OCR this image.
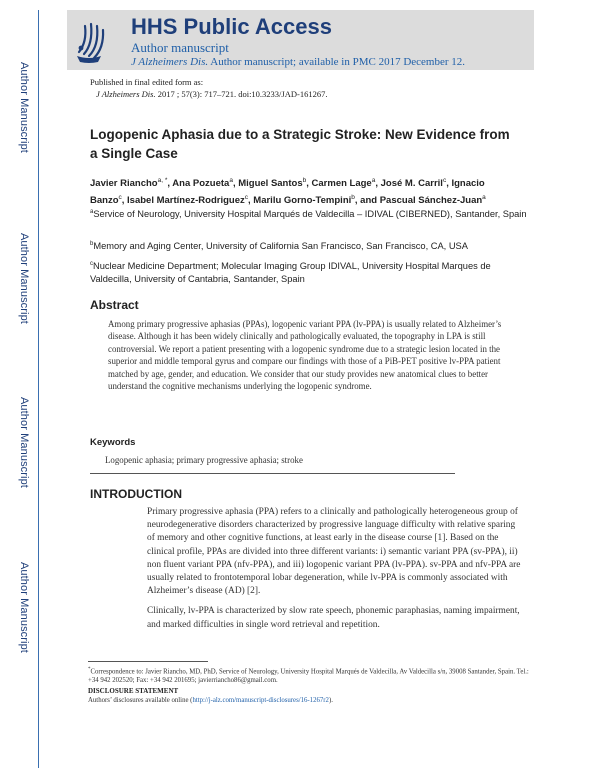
Author Manuscript
Author Manuscript
Author Manuscript
Author Manuscript
HHS Public Access
Author manuscript
J Alzheimers Dis. Author manuscript; available in PMC 2017 December 12.
Published in final edited form as:
J Alzheimers Dis. 2017 ; 57(3): 717–721. doi:10.3233/JAD-161267.
Logopenic Aphasia due to a Strategic Stroke: New Evidence from a Single Case
Javier Riancho$^{a, *}$, Ana Pozueta$^a$, Miguel Santos$^b$, Carmen Lage$^a$, José M. Carril$^c$, Ignacio Banzo$^c$, Isabel Martínez-Rodriguez$^c$, Marilu Gorno-Tempini$^b$, and Pascual Sánchez-Juan$^a$
$^a$Service of Neurology, University Hospital Marqués de Valdecilla – IDIVAL (CIBERNED), Santander, Spain
$^b$Memory and Aging Center, University of California San Francisco, San Francisco, CA, USA
$^c$Nuclear Medicine Department; Molecular Imaging Group IDIVAL, University Hospital Marques de Valdecilla, University of Cantabria, Santander, Spain
Abstract
Among primary progressive aphasias (PPAs), logopenic variant PPA (lv-PPA) is usually related to Alzheimer’s disease. Although it has been widely clinically and pathologically evaluated, the topography in LPA is still controversial. We report a patient presenting with a logopenic syndrome due to a strategic lesion located in the superior and middle temporal gyrus and compare our findings with those of a PiB-PET positive lv-PPA patient matched by age, gender, and education. We consider that our study provides new anatomical clues to better understand the cognitive mechanisms underlying the logopenic syndrome.
Keywords
Logopenic aphasia; primary progressive aphasia; stroke
INTRODUCTION

Primary progressive aphasia (PPA) refers to a clinically and pathologically heterogeneous group of neurodegenerative disorders characterized by progressive language difficulty with relative sparing of memory and other cognitive functions, at least early in the disease course [1]. Based on the clinical profile, PPAs are divided into three different variants: i) semantic variant PPA (sv-PPA), ii) non fluent variant PPA (nfv-PPA), and iii) logopenic variant PPA (lv-PPA). sv-PPA and nfv-PPA are usually related to frontotemporal lobar degeneration, while lv-PPA is commonly associated with Alzheimer’s disease (AD) [2].

Clinically, lv-PPA is characterized by slow rate speech, phonemic paraphasias, naming impairment, and marked difficulties in single word retrieval and repetition.

*Correspondence to: Javier Riancho, MD, PhD, Service of Neurology, University Hospital Marqués de Valdecilla, Av Valdecilla s/n, 39008 Santander, Spain. Tel.: +34 942 202520; Fax: +34 942 201695; javierriancho86@gmail.com.
DISCLOSURE STATEMENT
Authors’ disclosures available online (http://j-alz.com/manuscript-disclosures/16-1267r2).
